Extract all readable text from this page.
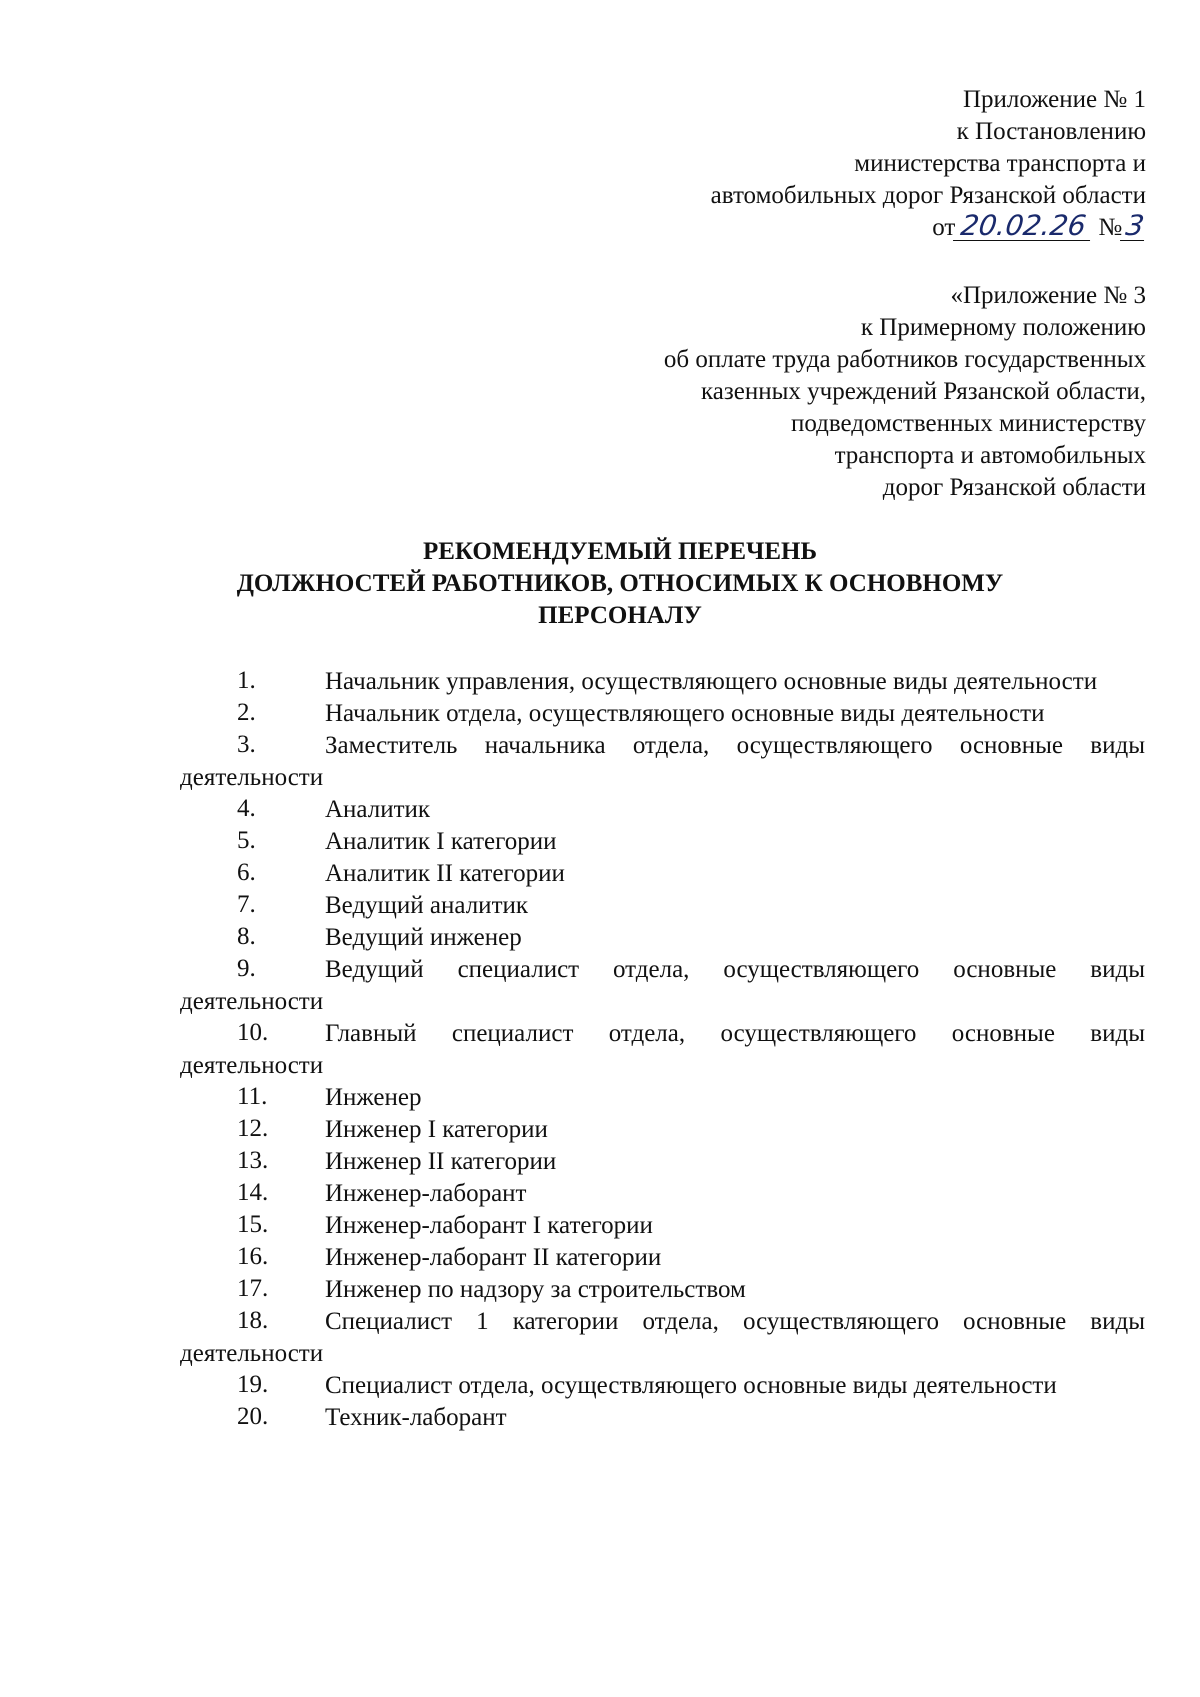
Приложение № 1
к Постановлению
министерства транспорта и
автомобильных дорог Рязанской области
от 20.02.26 №3
«Приложение № 3
к Примерному положению
об оплате труда работников государственных
казенных учреждений Рязанской области,
подведомственных министерству
транспорта и автомобильных
дорог Рязанской области
РЕКОМЕНДУЕМЫЙ ПЕРЕЧЕНЬ
ДОЛЖНОСТЕЙ РАБОТНИКОВ, ОТНОСИМЫХ К ОСНОВНОМУ
ПЕРСОНАЛУ
1.	Начальник управления, осуществляющего основные виды деятельности
2.	Начальник отдела, осуществляющего основные виды деятельности
3.	Заместитель начальника отдела, осуществляющего основные виды деятельности
4.	Аналитик
5.	Аналитик I категории
6.	Аналитик II категории
7.	Ведущий аналитик
8.	Ведущий инженер
9.	Ведущий специалист отдела, осуществляющего основные виды деятельности
10.	Главный специалист отдела, осуществляющего основные виды деятельности
11.	Инженер
12.	Инженер I категории
13.	Инженер II категории
14.	Инженер-лаборант
15.	Инженер-лаборант I категории
16.	Инженер-лаборант II категории
17.	Инженер по надзору за строительством
18.	Специалист 1 категории отдела, осуществляющего основные виды деятельности
19.	Специалист отдела, осуществляющего основные виды деятельности
20.	Техник-лаборант
